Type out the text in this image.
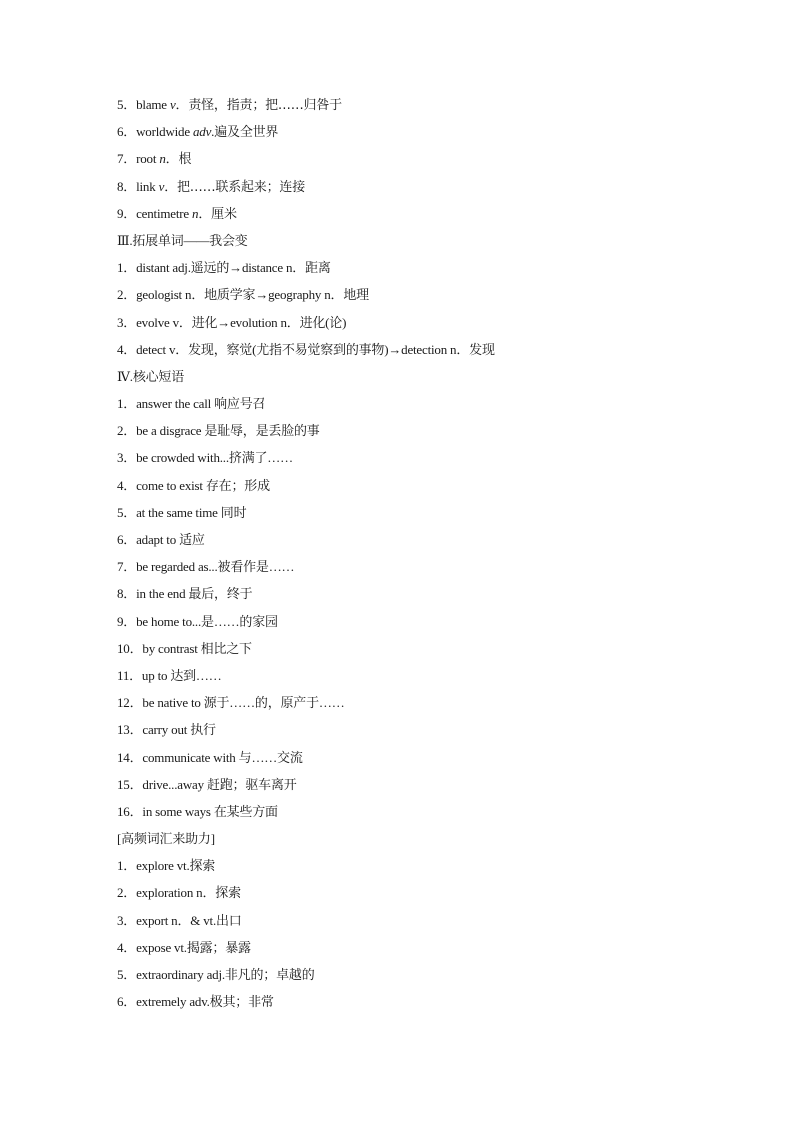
5．blame v．责怪，指责；把……归咎于
6．worldwide adv.遍及全世界
7．root n．根
8．link v．把……联系起来；连接
9．centimetre n．厘米
Ⅲ.拓展单词——我会变
1．distant adj.遥远的→distance n．距离
2．geologist n．地质学家→geography n．地理
3．evolve v．进化→evolution n．进化(论)
4．detect v．发现，察觉(尤指不易觉察到的事物)→detection n．发现
Ⅳ.核心短语
1．answer the call 响应号召
2．be a disgrace 是耻辱，是丢脸的事
3．be crowded with...挤满了……
4．come to exist 存在；形成
5．at the same time 同时
6．adapt to 适应
7．be regarded as...被看作是……
8．in the end 最后，终于
9．be home to...是……的家园
10．by contrast 相比之下
11．up to 达到……
12．be native to 源于……的，原产于……
13．carry out 执行
14．communicate with 与……交流
15．drive...away 赶跑；驱车离开
16．in some ways 在某些方面
[高频词汇来助力]
1．explore vt.探索
2．exploration n．探索
3．export n．& vt.出口
4．expose vt.揭露；暴露
5．extraordinary adj.非凡的；卓越的
6．extremely adv.极其；非常
